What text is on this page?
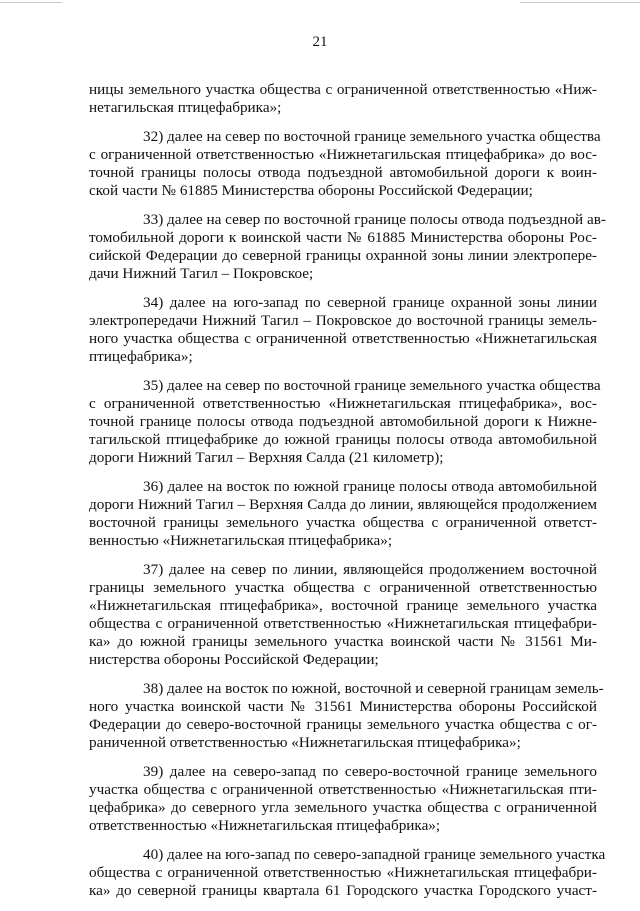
21

ницы земельного участка общества с ограниченной ответственностью «Ниж-
нетагильская птицефабрика»;

32) далее на север по восточной границе земельного участка общества
с ограниченной ответственностью «Нижнетагильская птицефабрика» до вос-
точной границы полосы отвода подъездной автомобильной дороги к воин-
ской части № 61885 Министерства обороны Российской Федерации;

33) далее на север по восточной границе полосы отвода подъездной ав-
томобильной дороги к воинской части № 61885 Министерства обороны Рос-
сийской Федерации до северной границы охранной зоны линии электропере-
дачи Нижний Тагил – Покровское;

34) далее на юго-запад по северной границе охранной зоны линии
электропередачи Нижний Тагил – Покровское до восточной границы земель-
ного участка общества с ограниченной ответственностью «Нижнетагильская
птицефабрика»;

35) далее на север по восточной границе земельного участка общества
с ограниченной ответственностью «Нижнетагильская птицефабрика», вос-
точной границе полосы отвода подъездной автомобильной дороги к Нижне-
тагильской птицефабрике до южной границы полосы отвода автомобильной
дороги Нижний Тагил – Верхняя Салда (21 километр);

36) далее на восток по южной границе полосы отвода автомобильной
дороги Нижний Тагил – Верхняя Салда до линии, являющейся продолжением
восточной границы земельного участка общества с ограниченной ответст-
венностью «Нижнетагильская птицефабрика»;

37) далее на север по линии, являющейся продолжением восточной
границы земельного участка общества с ограниченной ответственностью
«Нижнетагильская птицефабрика», восточной границе земельного участка
общества с ограниченной ответственностью «Нижнетагильская птицефабри-
ка» до южной границы земельного участка воинской части № 31561 Ми-
нистерства обороны Российской Федерации;

38) далее на восток по южной, восточной и северной границам земель-
ного участка воинской части № 31561 Министерства обороны Российской
Федерации до северо-восточной границы земельного участка общества с ог-
раниченной ответственностью «Нижнетагильская птицефабрика»;

39) далее на северо-запад по северо-восточной границе земельного
участка общества с ограниченной ответственностью «Нижнетагильская пти-
цефабрика» до северного угла земельного участка общества с ограниченной
ответственностью «Нижнетагильская птицефабрика»;

40) далее на юго-запад по северо-западной границе земельного участка
общества с ограниченной ответственностью «Нижнетагильская птицефабри-
ка» до северной границы квартала 61 Городского участка Городского участ-
